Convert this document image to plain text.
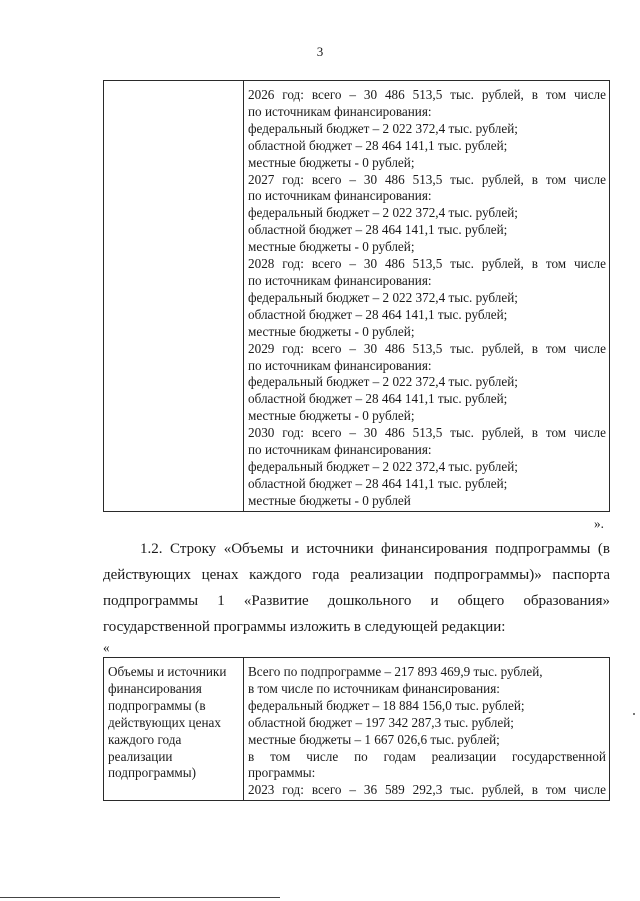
3
2026 год: всего – 30 486 513,5 тыс. рублей, в том числе
по источникам финансирования:
федеральный бюджет – 2 022 372,4 тыс. рублей;
областной бюджет – 28 464 141,1 тыс. рублей;
местные бюджеты - 0 рублей;
2027 год: всего – 30 486 513,5 тыс. рублей, в том числе
по источникам финансирования:
федеральный бюджет – 2 022 372,4 тыс. рублей;
областной бюджет – 28 464 141,1 тыс. рублей;
местные бюджеты - 0 рублей;
2028 год: всего – 30 486 513,5 тыс. рублей, в том числе
по источникам финансирования:
федеральный бюджет – 2 022 372,4 тыс. рублей;
областной бюджет – 28 464 141,1 тыс. рублей;
местные бюджеты - 0 рублей;
2029 год: всего – 30 486 513,5 тыс. рублей, в том числе
по источникам финансирования:
федеральный бюджет – 2 022 372,4 тыс. рублей;
областной бюджет – 28 464 141,1 тыс. рублей;
местные бюджеты - 0 рублей;
2030 год: всего – 30 486 513,5 тыс. рублей, в том числе
по источникам финансирования:
федеральный бюджет – 2 022 372,4 тыс. рублей;
областной бюджет – 28 464 141,1 тыс. рублей;
местные бюджеты - 0 рублей
».
1.2. Строку «Объемы и источники финансирования подпрограммы (в
действующих ценах каждого года реализации подпрограммы)» паспорта
подпрограммы 1 «Развитие дошкольного и общего образования»
государственной программы изложить в следующей редакции:
«
Объемы и источники
финансирования
подпрограммы (в
действующих ценах
каждого года
реализации
подпрограммы)
Всего по подпрограмме – 217 893 469,9 тыс. рублей,
в том числе по источникам финансирования:
федеральный бюджет – 18 884 156,0 тыс. рублей;
областной бюджет – 197 342 287,3 тыс. рублей;
местные бюджеты – 1 667 026,6 тыс. рублей;
в том числе по годам реализации государственной
программы:
2023 год: всего – 36 589 292,3 тыс. рублей, в том числе
